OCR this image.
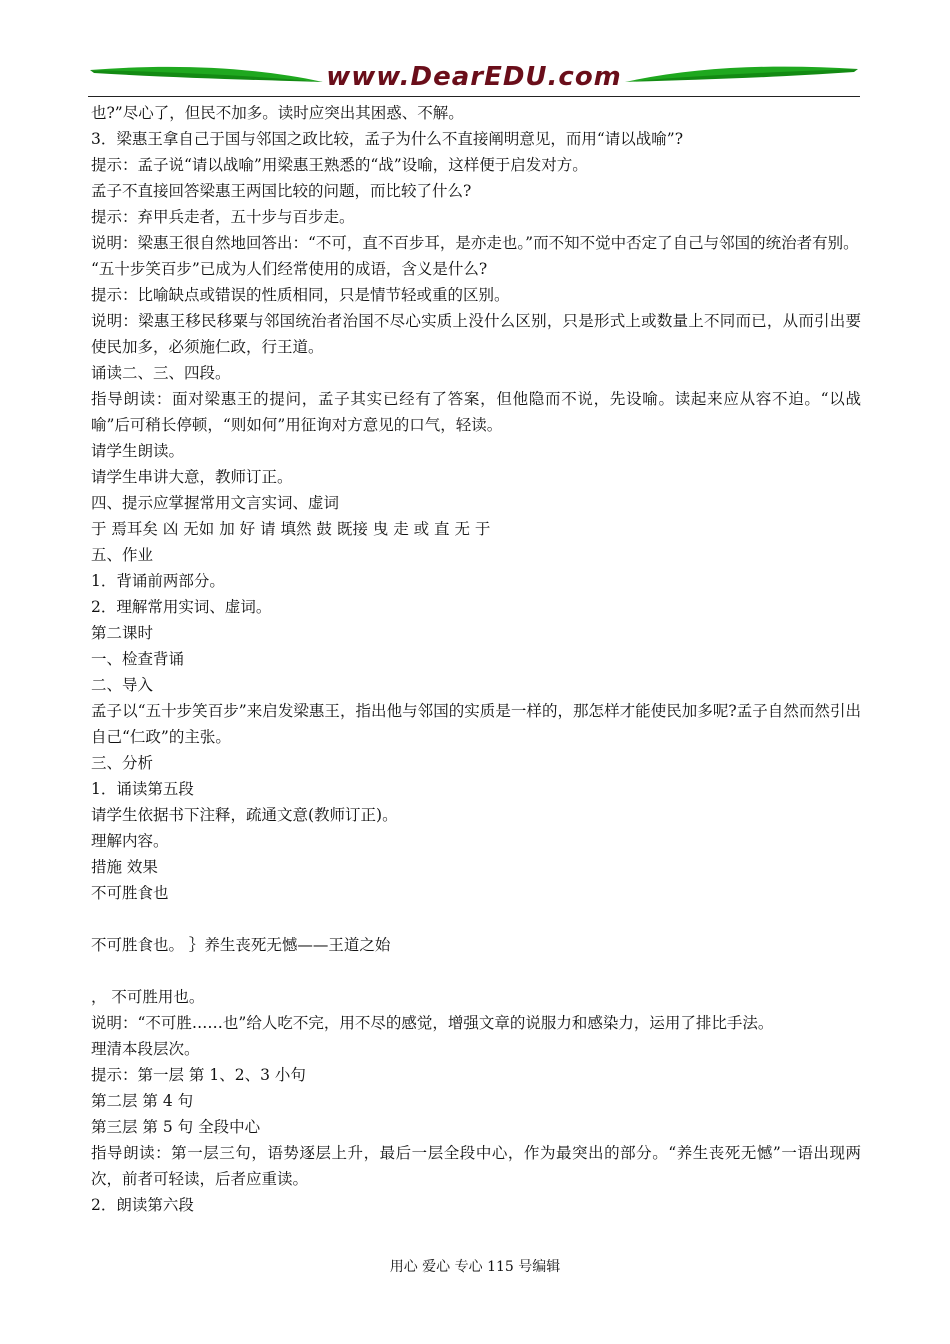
www.DearEDU.com
也?”尽心了，但民不加多。读时应突出其困惑、不解。
3．梁惠王拿自己于国与邻国之政比较，孟子为什么不直接阐明意见，而用“请以战喻”?
提示：孟子说“请以战喻”用梁惠王熟悉的“战”设喻，这样便于启发对方。
孟子不直接回答梁惠王两国比较的问题，而比较了什么?
提示：弃甲兵走者，五十步与百步走。
说明：梁惠王很自然地回答出：“不可，直不百步耳，是亦走也。”而不知不觉中否定了自己与邻国的统治者有别。
“五十步笑百步”已成为人们经常使用的成语，含义是什么?
提示：比喻缺点或错误的性质相同，只是情节轻或重的区别。
说明：梁惠王移民移粟与邻国统治者治国不尽心实质上没什么区别，只是形式上或数量上不同而已，从而引出要使民加多，必须施仁政，行王道。
诵读二、三、四段。
指导朗读：面对梁惠王的提问，孟子其实已经有了答案，但他隐而不说，先设喻。读起来应从容不迫。“以战喻”后可稍长停顿，“则如何”用征询对方意见的口气，轻读。
请学生朗读。
请学生串讲大意，教师订正。
四、提示应掌握常用文言实词、虚词
于 焉耳矣 凶 无如 加 好 请 填然 鼓 既接 曳 走 或 直 无 于
五、作业
1．背诵前两部分。
2．理解常用实词、虚词。
第二课时
一、检查背诵
二、导入
孟子以“五十步笑百步”来启发梁惠王，指出他与邻国的实质是一样的，那怎样才能使民加多呢?孟子自然而然引出自己“仁政”的主张。
三、分析
1．诵读第五段
请学生依据书下注释，疏通文意(教师订正)。
理解内容。
措施 效果
不可胜食也
不可胜食也。 ｝养生丧死无憾——王道之始
， 不可胜用也。
说明：“不可胜……也”给人吃不完，用不尽的感觉，增强文章的说服力和感染力，运用了排比手法。
理清本段层次。
提示：第一层 第 1、2、3 小句
第二层 第 4 句
第三层 第 5 句 全段中心
指导朗读：第一层三句，语势逐层上升，最后一层全段中心，作为最突出的部分。“养生丧死无憾”一语出现两次，前者可轻读，后者应重读。
2．朗读第六段
用心 爱心 专心 115 号编辑
